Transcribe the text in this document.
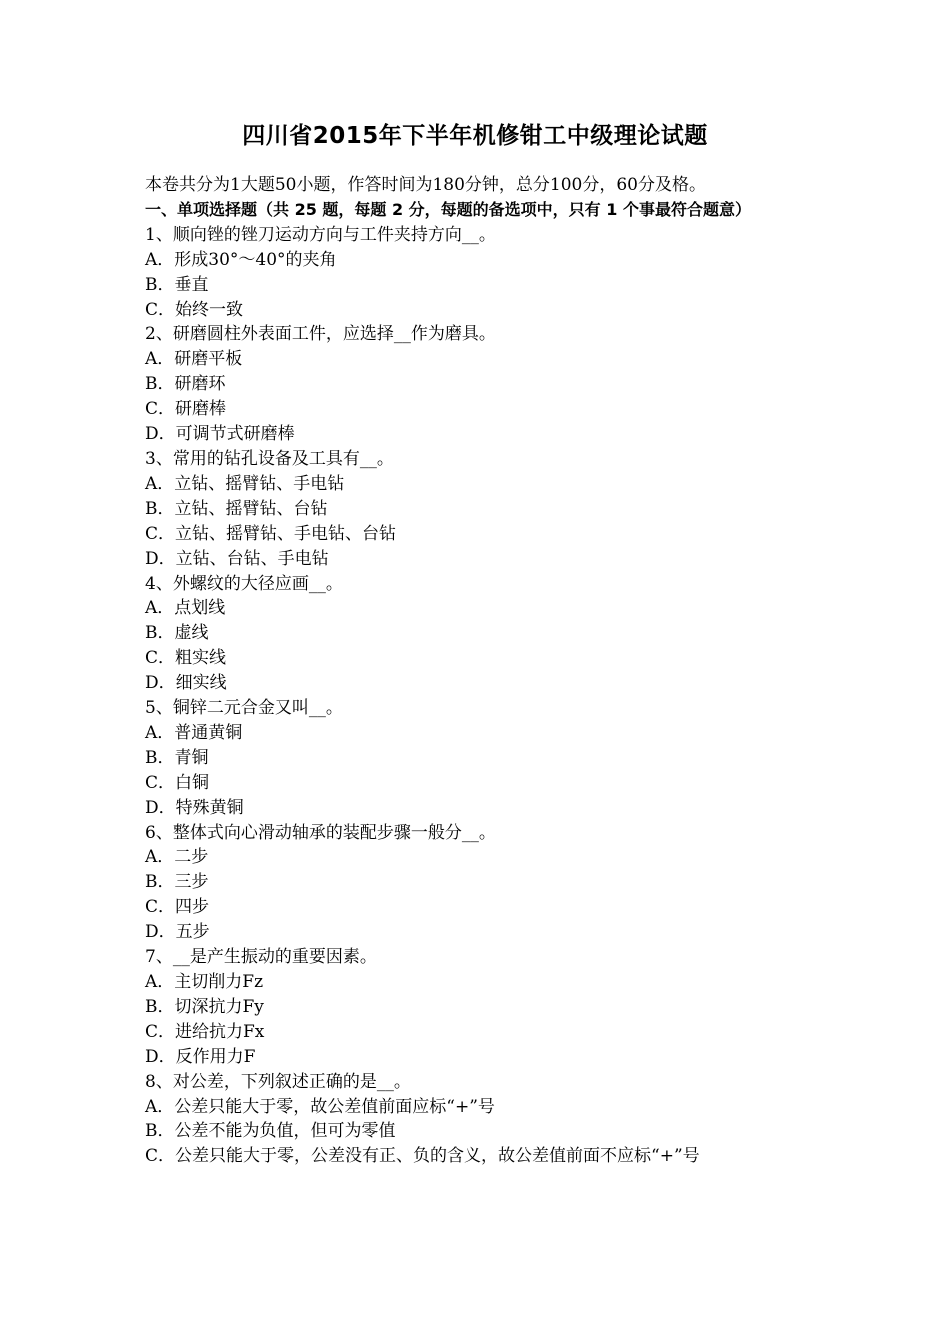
四川省2015年下半年机修钳工中级理论试题
本卷共分为1大题50小题，作答时间为180分钟，总分100分，60分及格。
一、单项选择题（共 25 题，每题 2 分，每题的备选项中，只有 1 个事最符合题意）
1、顺向锉的锉刀运动方向与工件夹持方向__。
A．形成30°～40°的夹角
B．垂直
C．始终一致
2、研磨圆柱外表面工件，应选择__作为磨具。
A．研磨平板
B．研磨环
C．研磨棒
D．可调节式研磨棒
3、常用的钻孔设备及工具有__。
A．立钻、摇臂钻、手电钻
B．立钻、摇臂钻、台钻
C．立钻、摇臂钻、手电钻、台钻
D．立钻、台钻、手电钻
4、外螺纹的大径应画__。
A．点划线
B．虚线
C．粗实线
D．细实线
5、铜锌二元合金又叫__。
A．普通黄铜
B．青铜
C．白铜
D．特殊黄铜
6、整体式向心滑动轴承的装配步骤一般分__。
A．二步
B．三步
C．四步
D．五步
7、__是产生振动的重要因素。
A．主切削力Fz
B．切深抗力Fy
C．进给抗力Fx
D．反作用力F
8、对公差，下列叙述正确的是__。
A．公差只能大于零，故公差值前面应标“+”号
B．公差不能为负值，但可为零值
C．公差只能大于零，公差没有正、负的含义，故公差值前面不应标“+”号
